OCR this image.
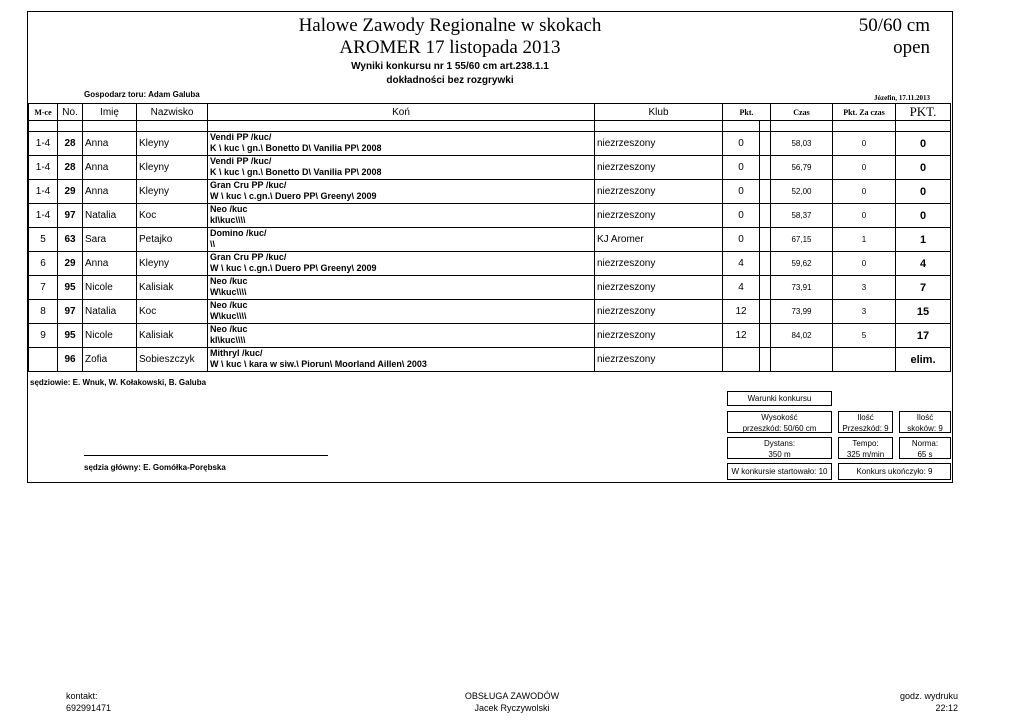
Halowe Zawody Regionalne w skokach
AROMER 17 listopada 2013
50/60 cm
open
Wyniki konkursu nr 1 55/60 cm art.238.1.1
dokładności bez rozgrywki
Gospodarz toru: Adam Galuba	Józefin, 17.11.2013
M-ce	No.	Imię	Nazwisko	Koń	Klub	Pkt.		Czas	Pkt. Za czas	PKT.

1-4	28	Anna	Kleyny	Vendi PP /kuc/
K \ kuc \ gn.\ Bonetto D\ Vanilia PP\ 2008	niezrzeszony	0		58,03	0	0
1-4	28	Anna	Kleyny	Vendi PP /kuc/
K \ kuc \ gn.\ Bonetto D\ Vanilia PP\ 2008	niezrzeszony	0		56,79	0	0
1-4	29	Anna	Kleyny	Gran Cru PP /kuc/
W \ kuc \ c.gn.\ Duero PP\ Greeny\ 2009	niezrzeszony	0		52,00	0	0
1-4	97	Natalia	Koc	Neo /kuc
kl\kuc\\\\	niezrzeszony	0		58,37	0	0
5	63	Sara	Petajko	Domino /kuc/
\\	KJ Aromer	0		67,15	1	1
6	29	Anna	Kleyny	Gran Cru PP /kuc/
W \ kuc \ c.gn.\ Duero PP\ Greeny\ 2009	niezrzeszony	4		59,62	0	4
7	95	Nicole	Kalisiak	Neo /kuc
W\kuc\\\\	niezrzeszony	4		73,91	3	7
8	97	Natalia	Koc	Neo /kuc
W\kuc\\\\	niezrzeszony	12		73,99	3	15
9	95	Nicole	Kalisiak	Neo /kuc
kl\kuc\\\\	niezrzeszony	12		84,02	5	17
	96	Zofia	Sobieszczyk	Mithryl /kuc/
W \ kuc \ kara w siw.\ Piorun\ Moorland Aillen\ 2003	niezrzeszony					elim.
sędziowie: E. Wnuk, W. Kołakowski, B. Galuba
sędzia główny: E. Gomółka-Porębska
Warunki konkursu
Wysokość
przeszkód: 50/60 cm
Ilość
Przeszkód: 9
Ilość
skoków: 9
Dystans:
350 m
Tempo:
325 m/min
Norma:
65 s
W konkursie startowało: 10	Konkurs ukończyło: 9
kontakt:
692991471
OBSŁUGA ZAWODÓW
Jacek Ryczywolski
godz. wydruku
22:12
